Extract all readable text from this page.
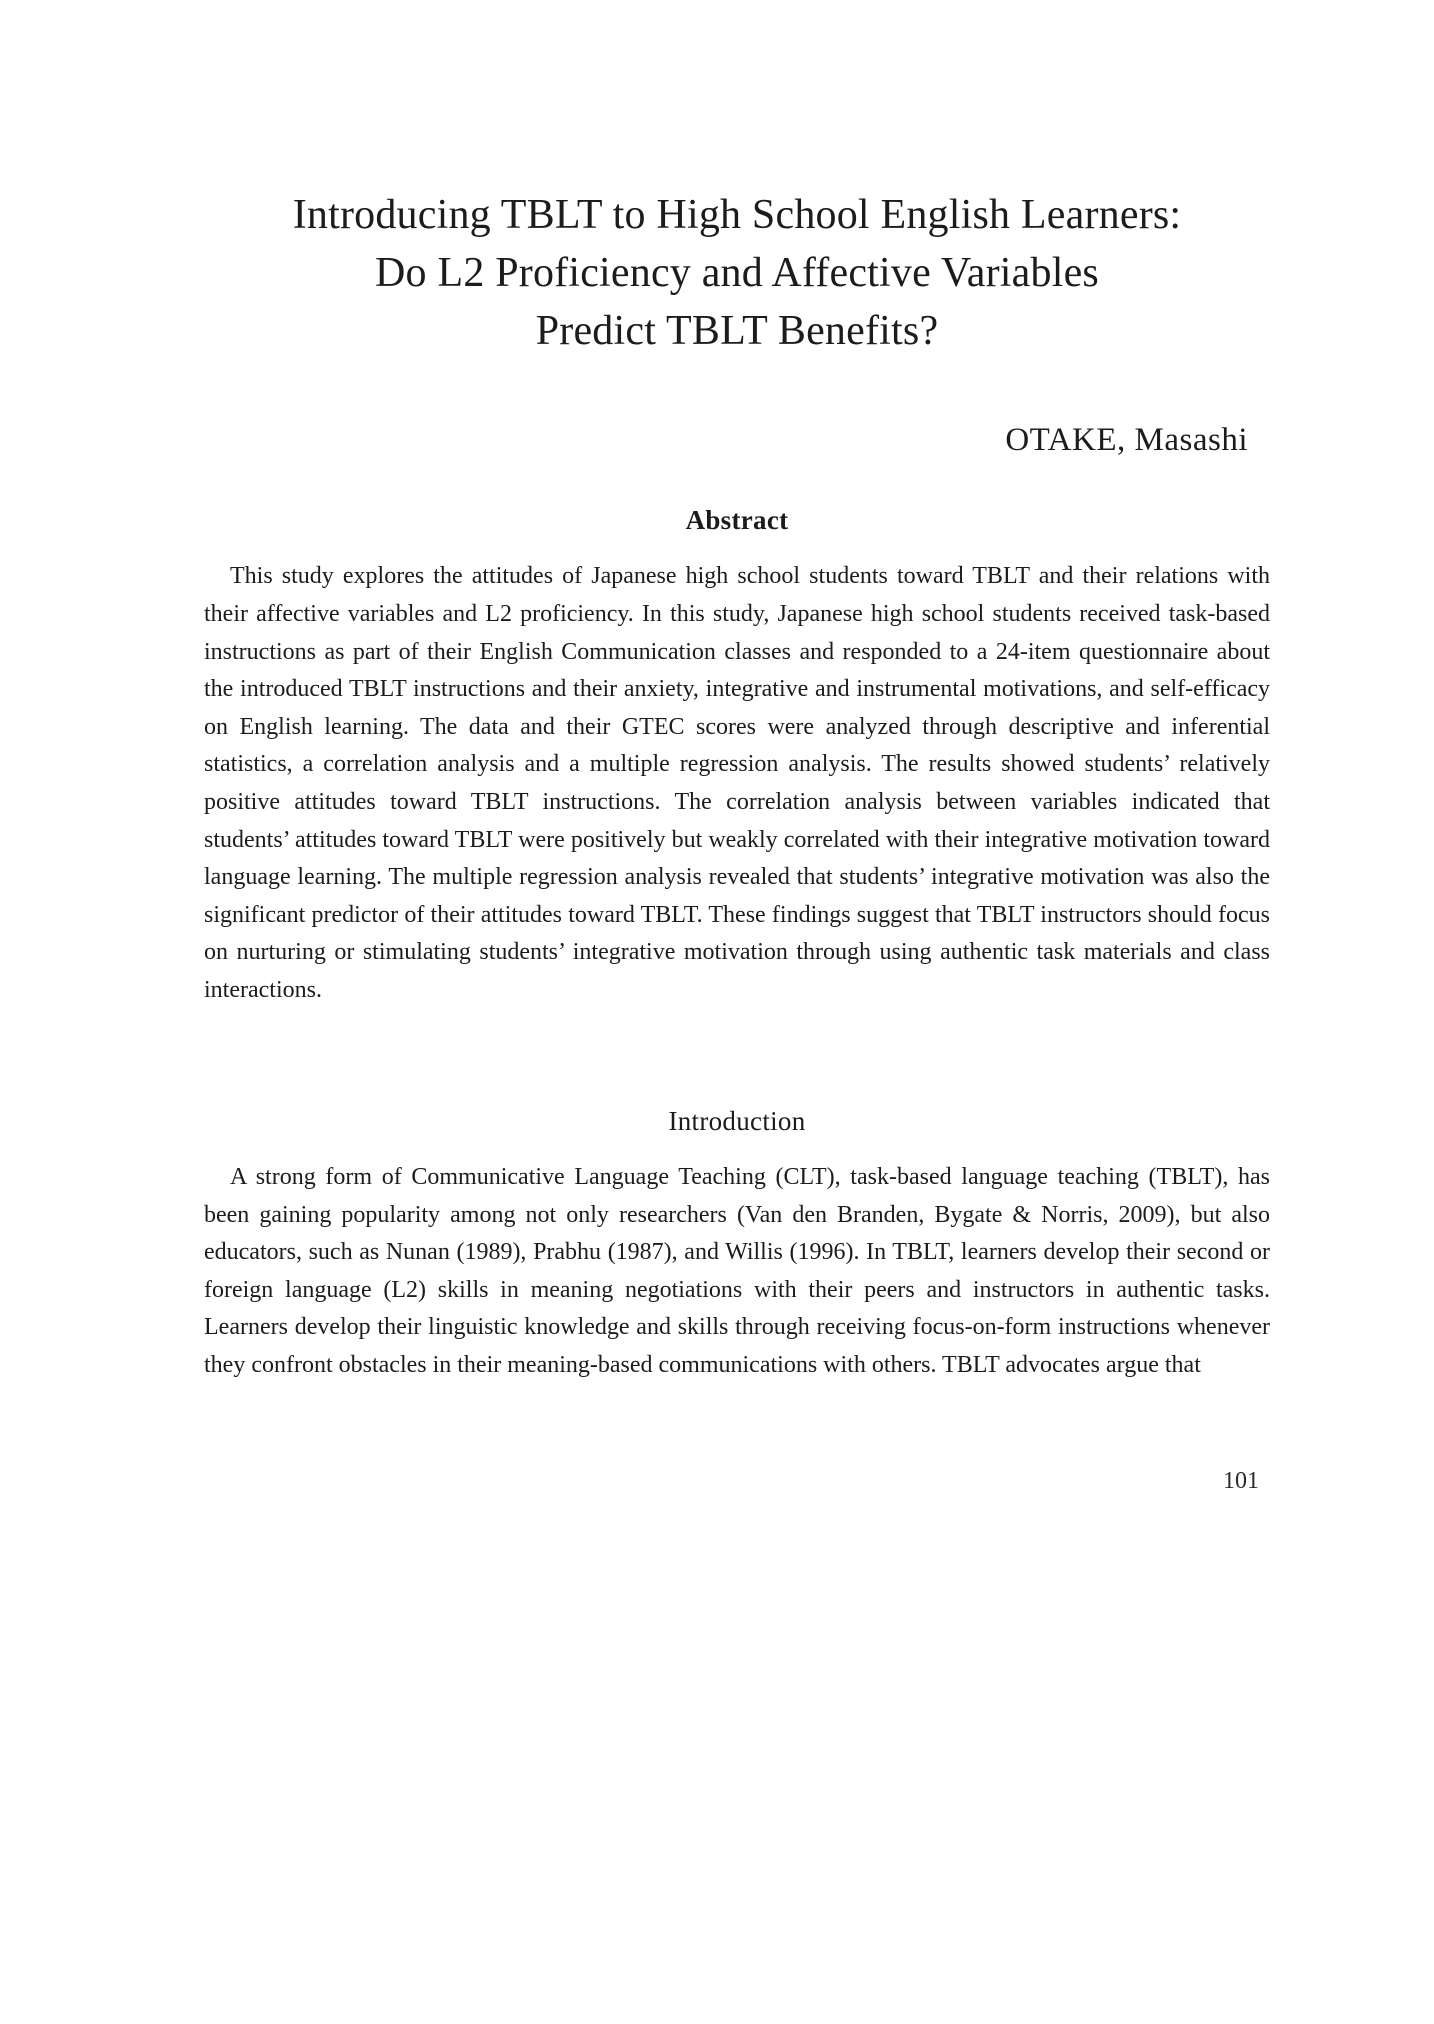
Introducing TBLT to High School English Learners:
Do L2 Proficiency and Affective Variables
Predict TBLT Benefits?
OTAKE, Masashi
Abstract

This study explores the attitudes of Japanese high school students toward TBLT and their relations with their affective variables and L2 proficiency. In this study, Japanese high school students received task-based instructions as part of their English Communication classes and responded to a 24-item questionnaire about the introduced TBLT instructions and their anxiety, integrative and instrumental motivations, and self-efficacy on English learning. The data and their GTEC scores were analyzed through descriptive and inferential statistics, a correlation analysis and a multiple regression analysis. The results showed students’ relatively positive attitudes toward TBLT instructions. The correlation analysis between variables indicated that students’ attitudes toward TBLT were positively but weakly correlated with their integrative motivation toward language learning. The multiple regression analysis revealed that students’ integrative motivation was also the significant predictor of their attitudes toward TBLT. These findings suggest that TBLT instructors should focus on nurturing or stimulating students’ integrative motivation through using authentic task materials and class interactions.

Introduction

A strong form of Communicative Language Teaching (CLT), task-based language teaching (TBLT), has been gaining popularity among not only researchers (Van den Branden, Bygate & Norris, 2009), but also educators, such as Nunan (1989), Prabhu (1987), and Willis (1996). In TBLT, learners develop their second or foreign language (L2) skills in meaning negotiations with their peers and instructors in authentic tasks. Learners develop their linguistic knowledge and skills through receiving focus-on-form instructions whenever they confront obstacles in their meaning-based communications with others. TBLT advocates argue that

101
